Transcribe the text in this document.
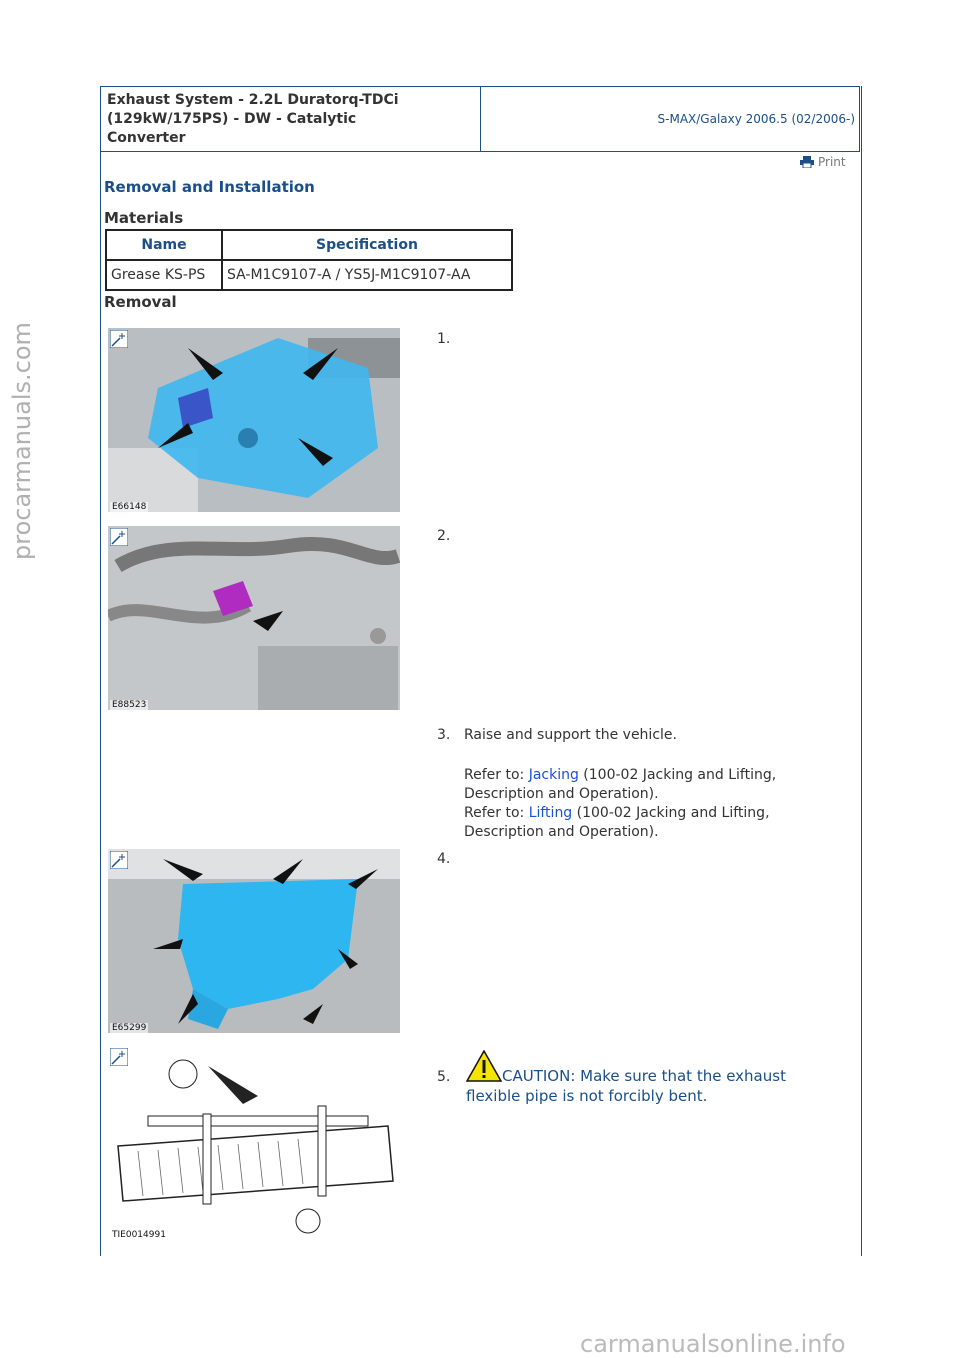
Exhaust System - 2.2L Duratorq-TDCi
(129kW/175PS) - DW - Catalytic
Converter
S-MAX/Galaxy 2006.5 (02/2006-)
Print
Removal and Installation
Materials
Name	Specification
Grease KS-PS	SA-M1C9107-A / YS5J-M1C9107-AA
Removal
E66148
1.
E88523
2.
3. Raise and support the vehicle.
Refer to: Jacking (100-02 Jacking and Lifting,
Description and Operation).
Refer to: Lifting (100-02 Jacking and Lifting,
Description and Operation).
E65299
4.
TIE0014991
5.	CAUTION: Make sure that the exhaust
flexible pipe is not forcibly bent.
procarmanuals.com
carmanualsonline.info
